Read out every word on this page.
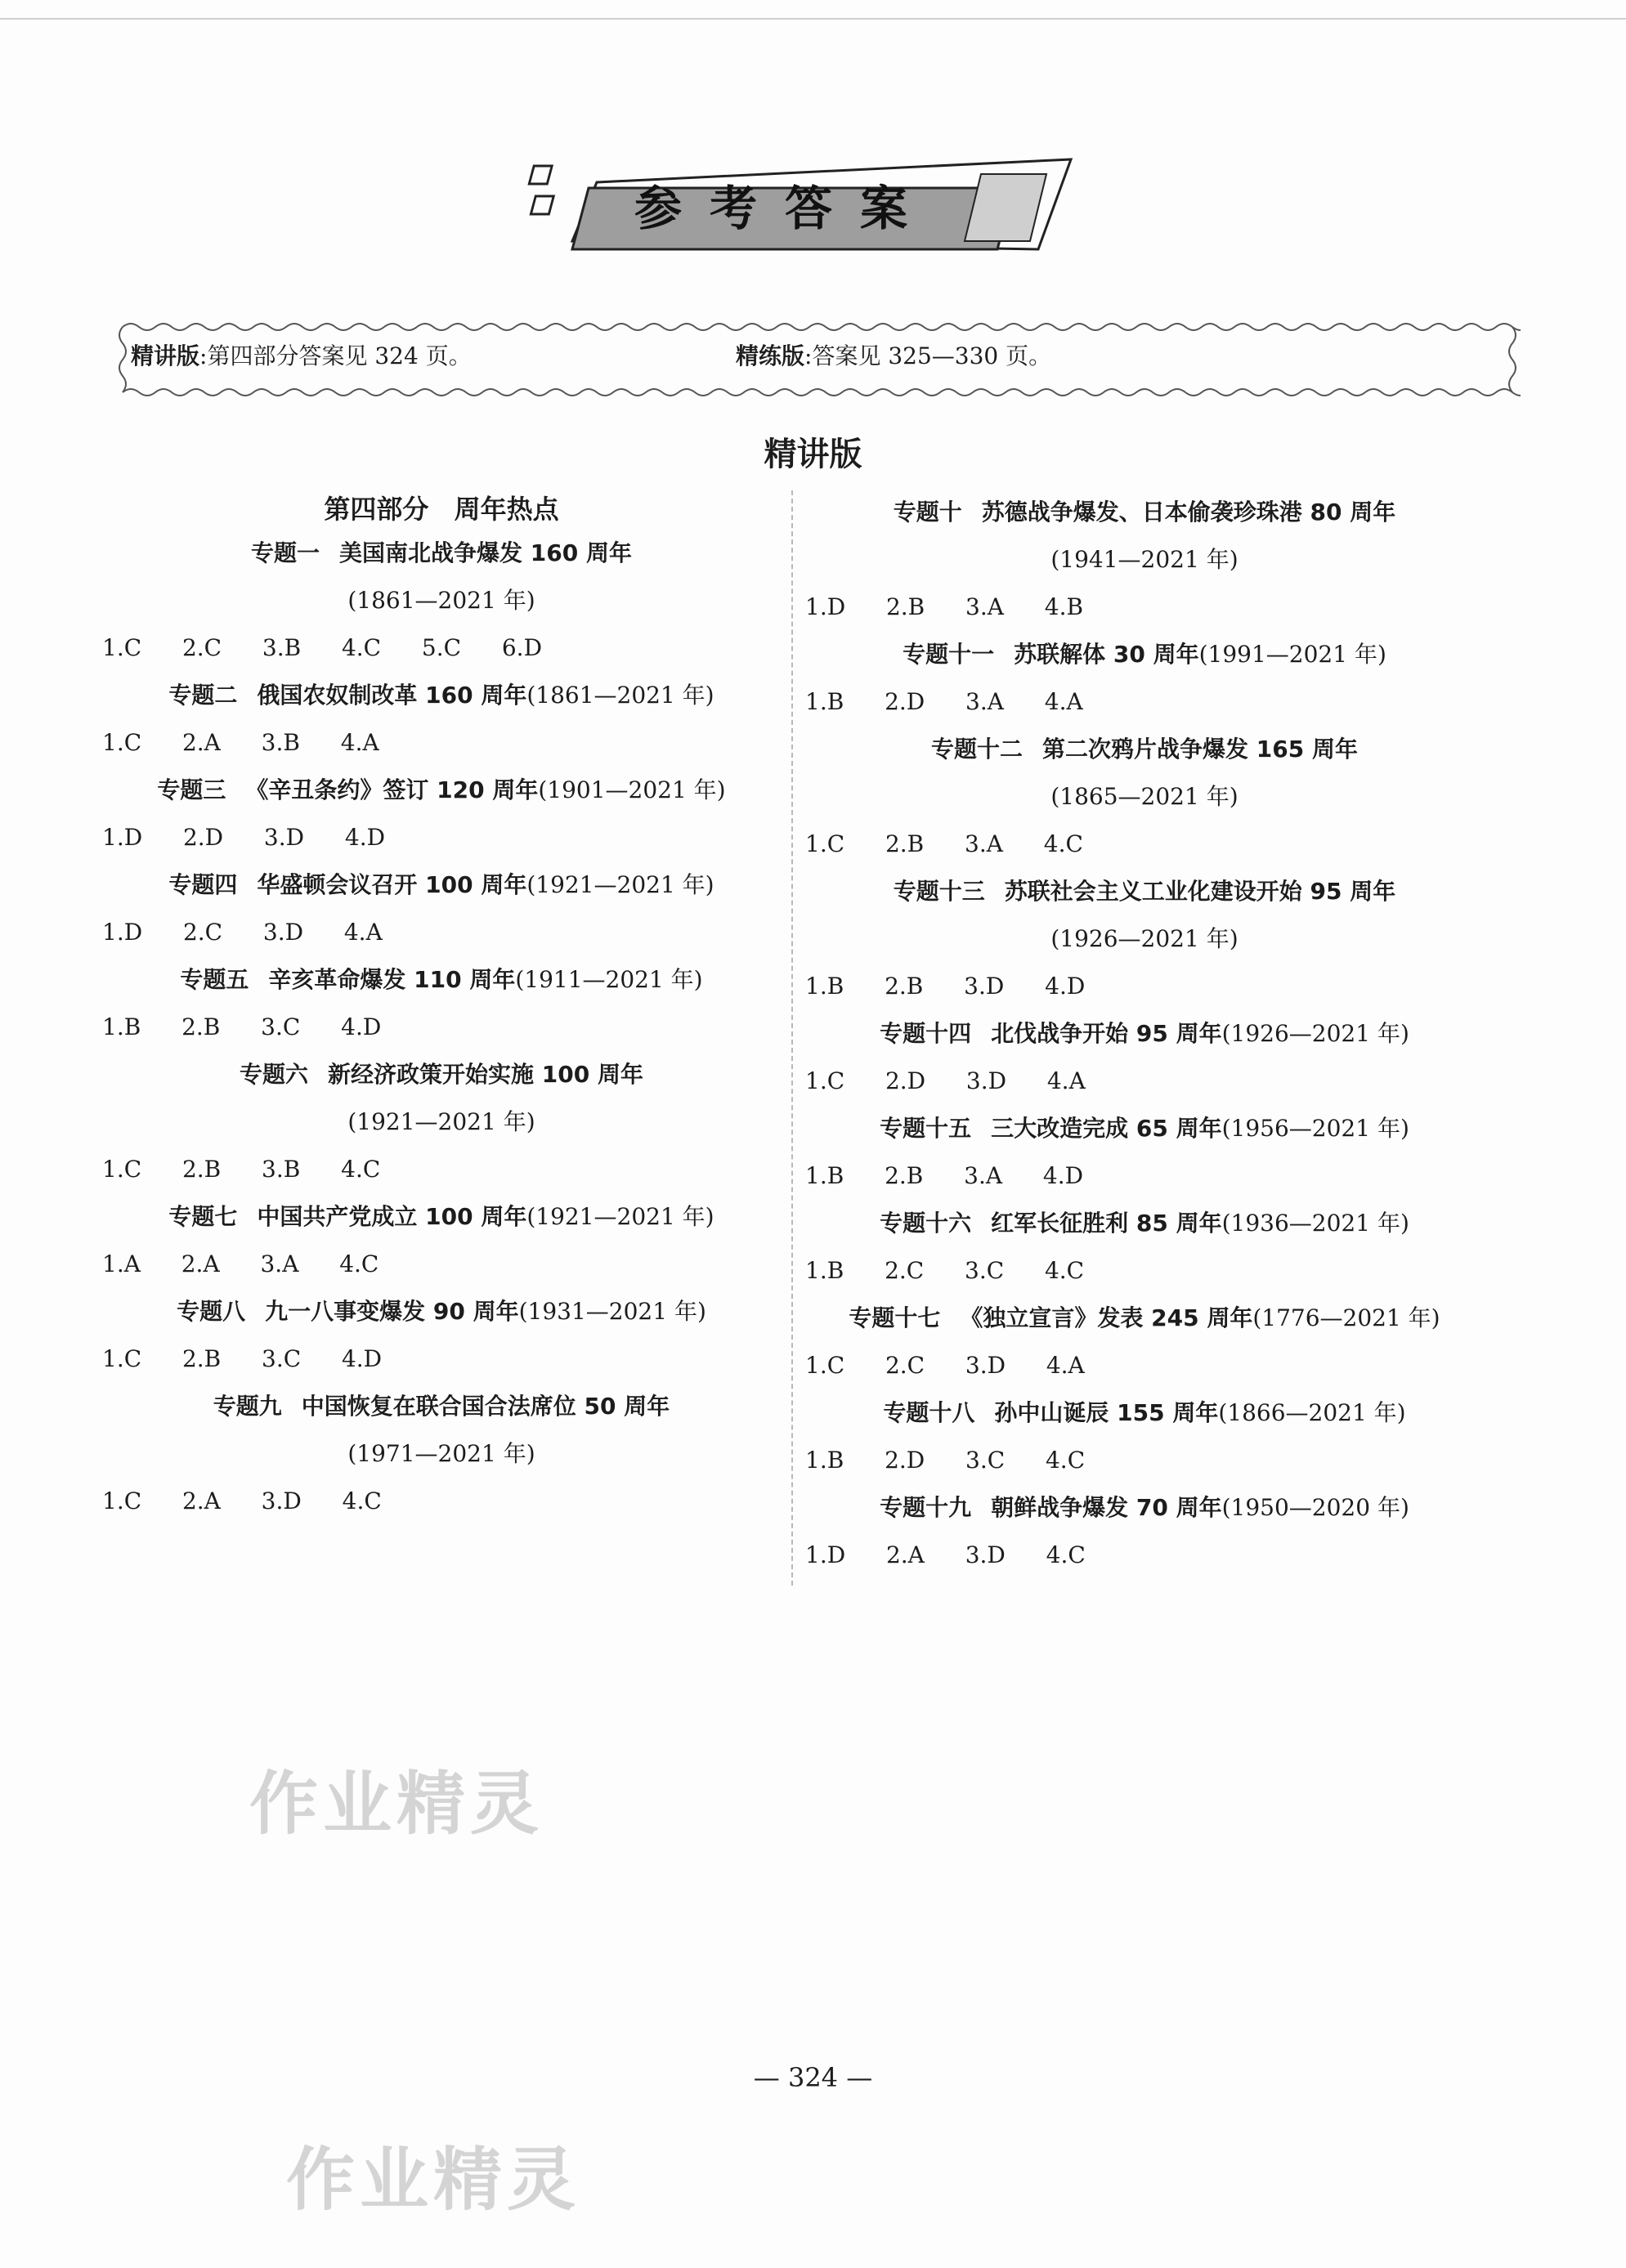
参考答案
精讲版:第四部分答案见 324 页。	精练版:答案见 325—330 页。
精讲版
第四部分 周年热点
专题一 美国南北战争爆发 160 周年
(1861—2021 年)
1.C  2.C  3.B  4.C  5.C  6.D
专题二 俄国农奴制改革 160 周年(1861—2021 年)
1.C  2.A  3.B  4.A
专题三 《辛丑条约》签订 120 周年(1901—2021 年)
1.D  2.D  3.D  4.D
专题四 华盛顿会议召开 100 周年(1921—2021 年)
1.D  2.C  3.D  4.A
专题五 辛亥革命爆发 110 周年(1911—2021 年)
1.B  2.B  3.C  4.D
专题六 新经济政策开始实施 100 周年
(1921—2021 年)
1.C  2.B  3.B  4.C
专题七 中国共产党成立 100 周年(1921—2021 年)
1.A  2.A  3.A  4.C
专题八 九一八事变爆发 90 周年(1931—2021 年)
1.C  2.B  3.C  4.D
专题九 中国恢复在联合国合法席位 50 周年
(1971—2021 年)
1.C  2.A  3.D  4.C
专题十 苏德战争爆发、日本偷袭珍珠港 80 周年
(1941—2021 年)
1.D  2.B  3.A  4.B
专题十一 苏联解体 30 周年(1991—2021 年)
1.B  2.D  3.A  4.A
专题十二 第二次鸦片战争爆发 165 周年
(1865—2021 年)
1.C  2.B  3.A  4.C
专题十三 苏联社会主义工业化建设开始 95 周年
(1926—2021 年)
1.B  2.B  3.D  4.D
专题十四 北伐战争开始 95 周年(1926—2021 年)
1.C  2.D  3.D  4.A
专题十五 三大改造完成 65 周年(1956—2021 年)
1.B  2.B  3.A  4.D
专题十六 红军长征胜利 85 周年(1936—2021 年)
1.B  2.C  3.C  4.C
专题十七 《独立宣言》发表 245 周年(1776—2021 年)
1.C  2.C  3.D  4.A
专题十八 孙中山诞辰 155 周年(1866—2021 年)
1.B  2.D  3.C  4.C
专题十九 朝鲜战争爆发 70 周年(1950—2020 年)
1.D  2.A  3.D  4.C
作业精灵
作业精灵
— 324 —
